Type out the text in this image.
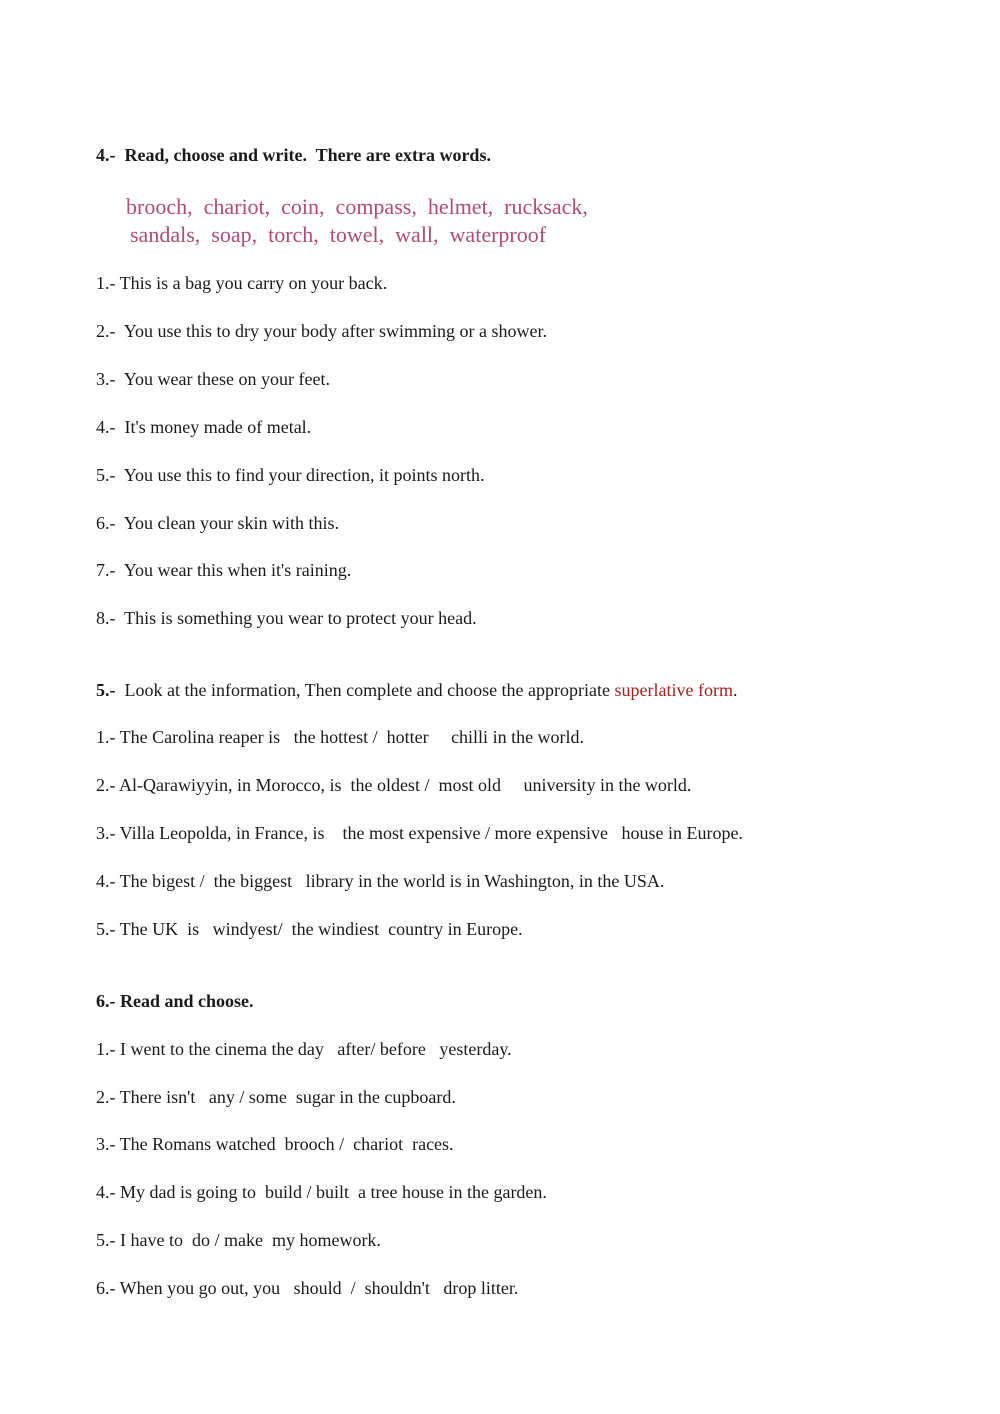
4.-  Read, choose and write.  There are extra words.
brooch,  chariot,  coin,  compass,  helmet,  rucksack,
sandals,  soap,  torch,  towel,  wall,  waterproof
1.- This is a bag you carry on your back.
2.-  You use this to dry your body after swimming or a shower.
3.-  You wear these on your feet.
4.-  It's money made of metal.
5.-  You use this to find your direction, it points north.
6.-  You clean your skin with this.
7.-  You wear this when it's raining.
8.-  This is something you wear to protect your head.
5.-  Look at the information, Then complete and choose the appropriate superlative form.
1.- The Carolina reaper is   the hottest /  hotter     chilli in the world.
2.- Al-Qarawiyyin, in Morocco, is  the oldest /  most old     university in the world.
3.- Villa Leopolda, in France, is    the most expensive / more expensive   house in Europe.
4.- The bigest /  the biggest   library in the world is in Washington, in the USA.
5.- The UK  is   windyest/  the windiest  country in Europe.
6.- Read and choose.
1.- I went to the cinema the day   after/ before   yesterday.
2.- There isn't   any / some  sugar in the cupboard.
3.- The Romans watched  brooch /  chariot  races.
4.- My dad is going to  build / built  a tree house in the garden.
5.- I have to  do / make  my homework.
6.- When you go out, you   should  /  shouldn't   drop litter.
